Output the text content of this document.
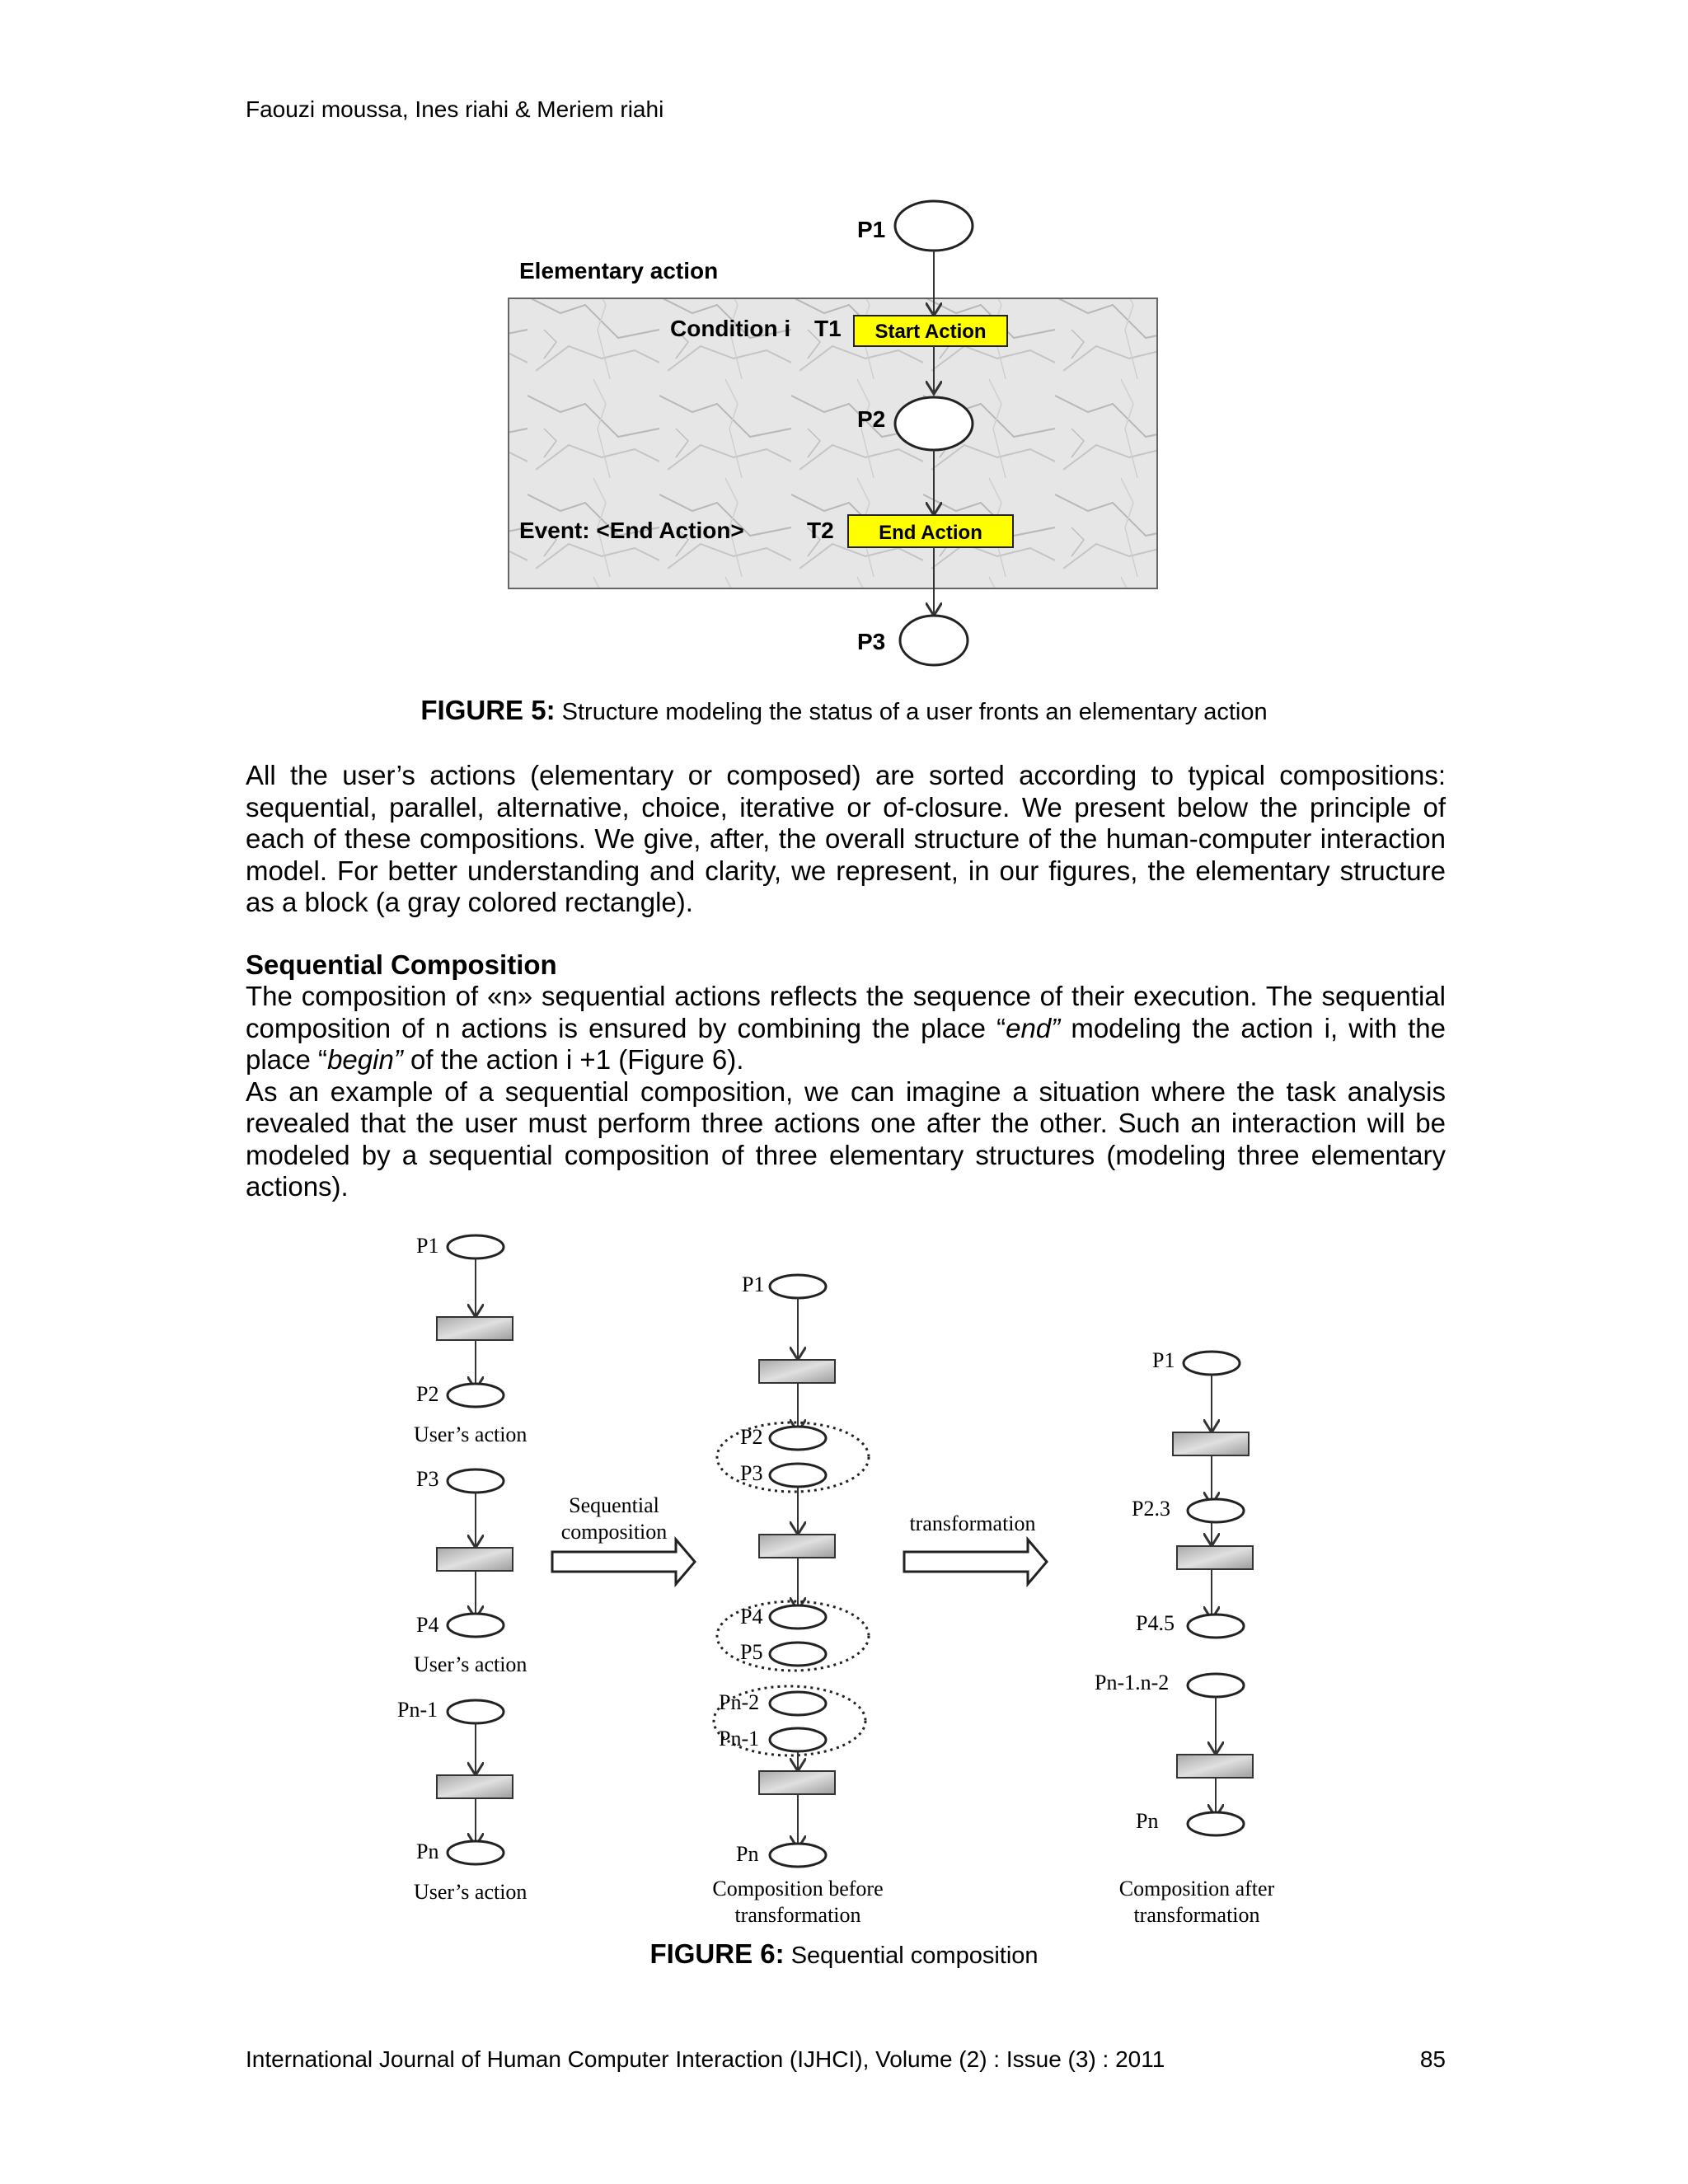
Faouzi moussa, Ines riahi & Meriem riahi
Elementary action
P1
Condition i T1 Start Action
P2
Event: <End Action>	T2 End Action
P3
FIGURE 5: Structure modeling the status of a user fronts an elementary action

All the user’s actions (elementary or composed) are sorted according to typical compositions: sequential, parallel, alternative, choice, iterative or of-closure. We present below the principle of each of these compositions. We give, after, the overall structure of the human-computer interaction model. For better understanding and clarity, we represent, in our figures, the elementary structure as a block (a gray colored rectangle).

Sequential Composition

The composition of «n» sequential actions reflects the sequence of their execution. The sequential composition of n actions is ensured by combining the place “end” modeling the action i, with the place “begin” of the action i +1 (Figure 6).

As an example of a sequential composition, we can imagine a situation where the task analysis revealed that the user must perform three actions one after the other. Such an interaction will be modeled by a sequential composition of three elementary structures (modeling three elementary actions).

P1
P2
User’s action
P3
P4
User’s action
Pn-1
Pn
User’s action
Sequential
composition
P1
P2
P3
P4
P5
Pn-2
Pn-1
Pn
Composition before
transformation
transformation
P1
P2.3
P4.5
Pn-1.n-2
Pn
Composition after
transformation
FIGURE 6: Sequential composition
International Journal of Human Computer Interaction (IJHCI), Volume (2) : Issue (3) : 2011	85
